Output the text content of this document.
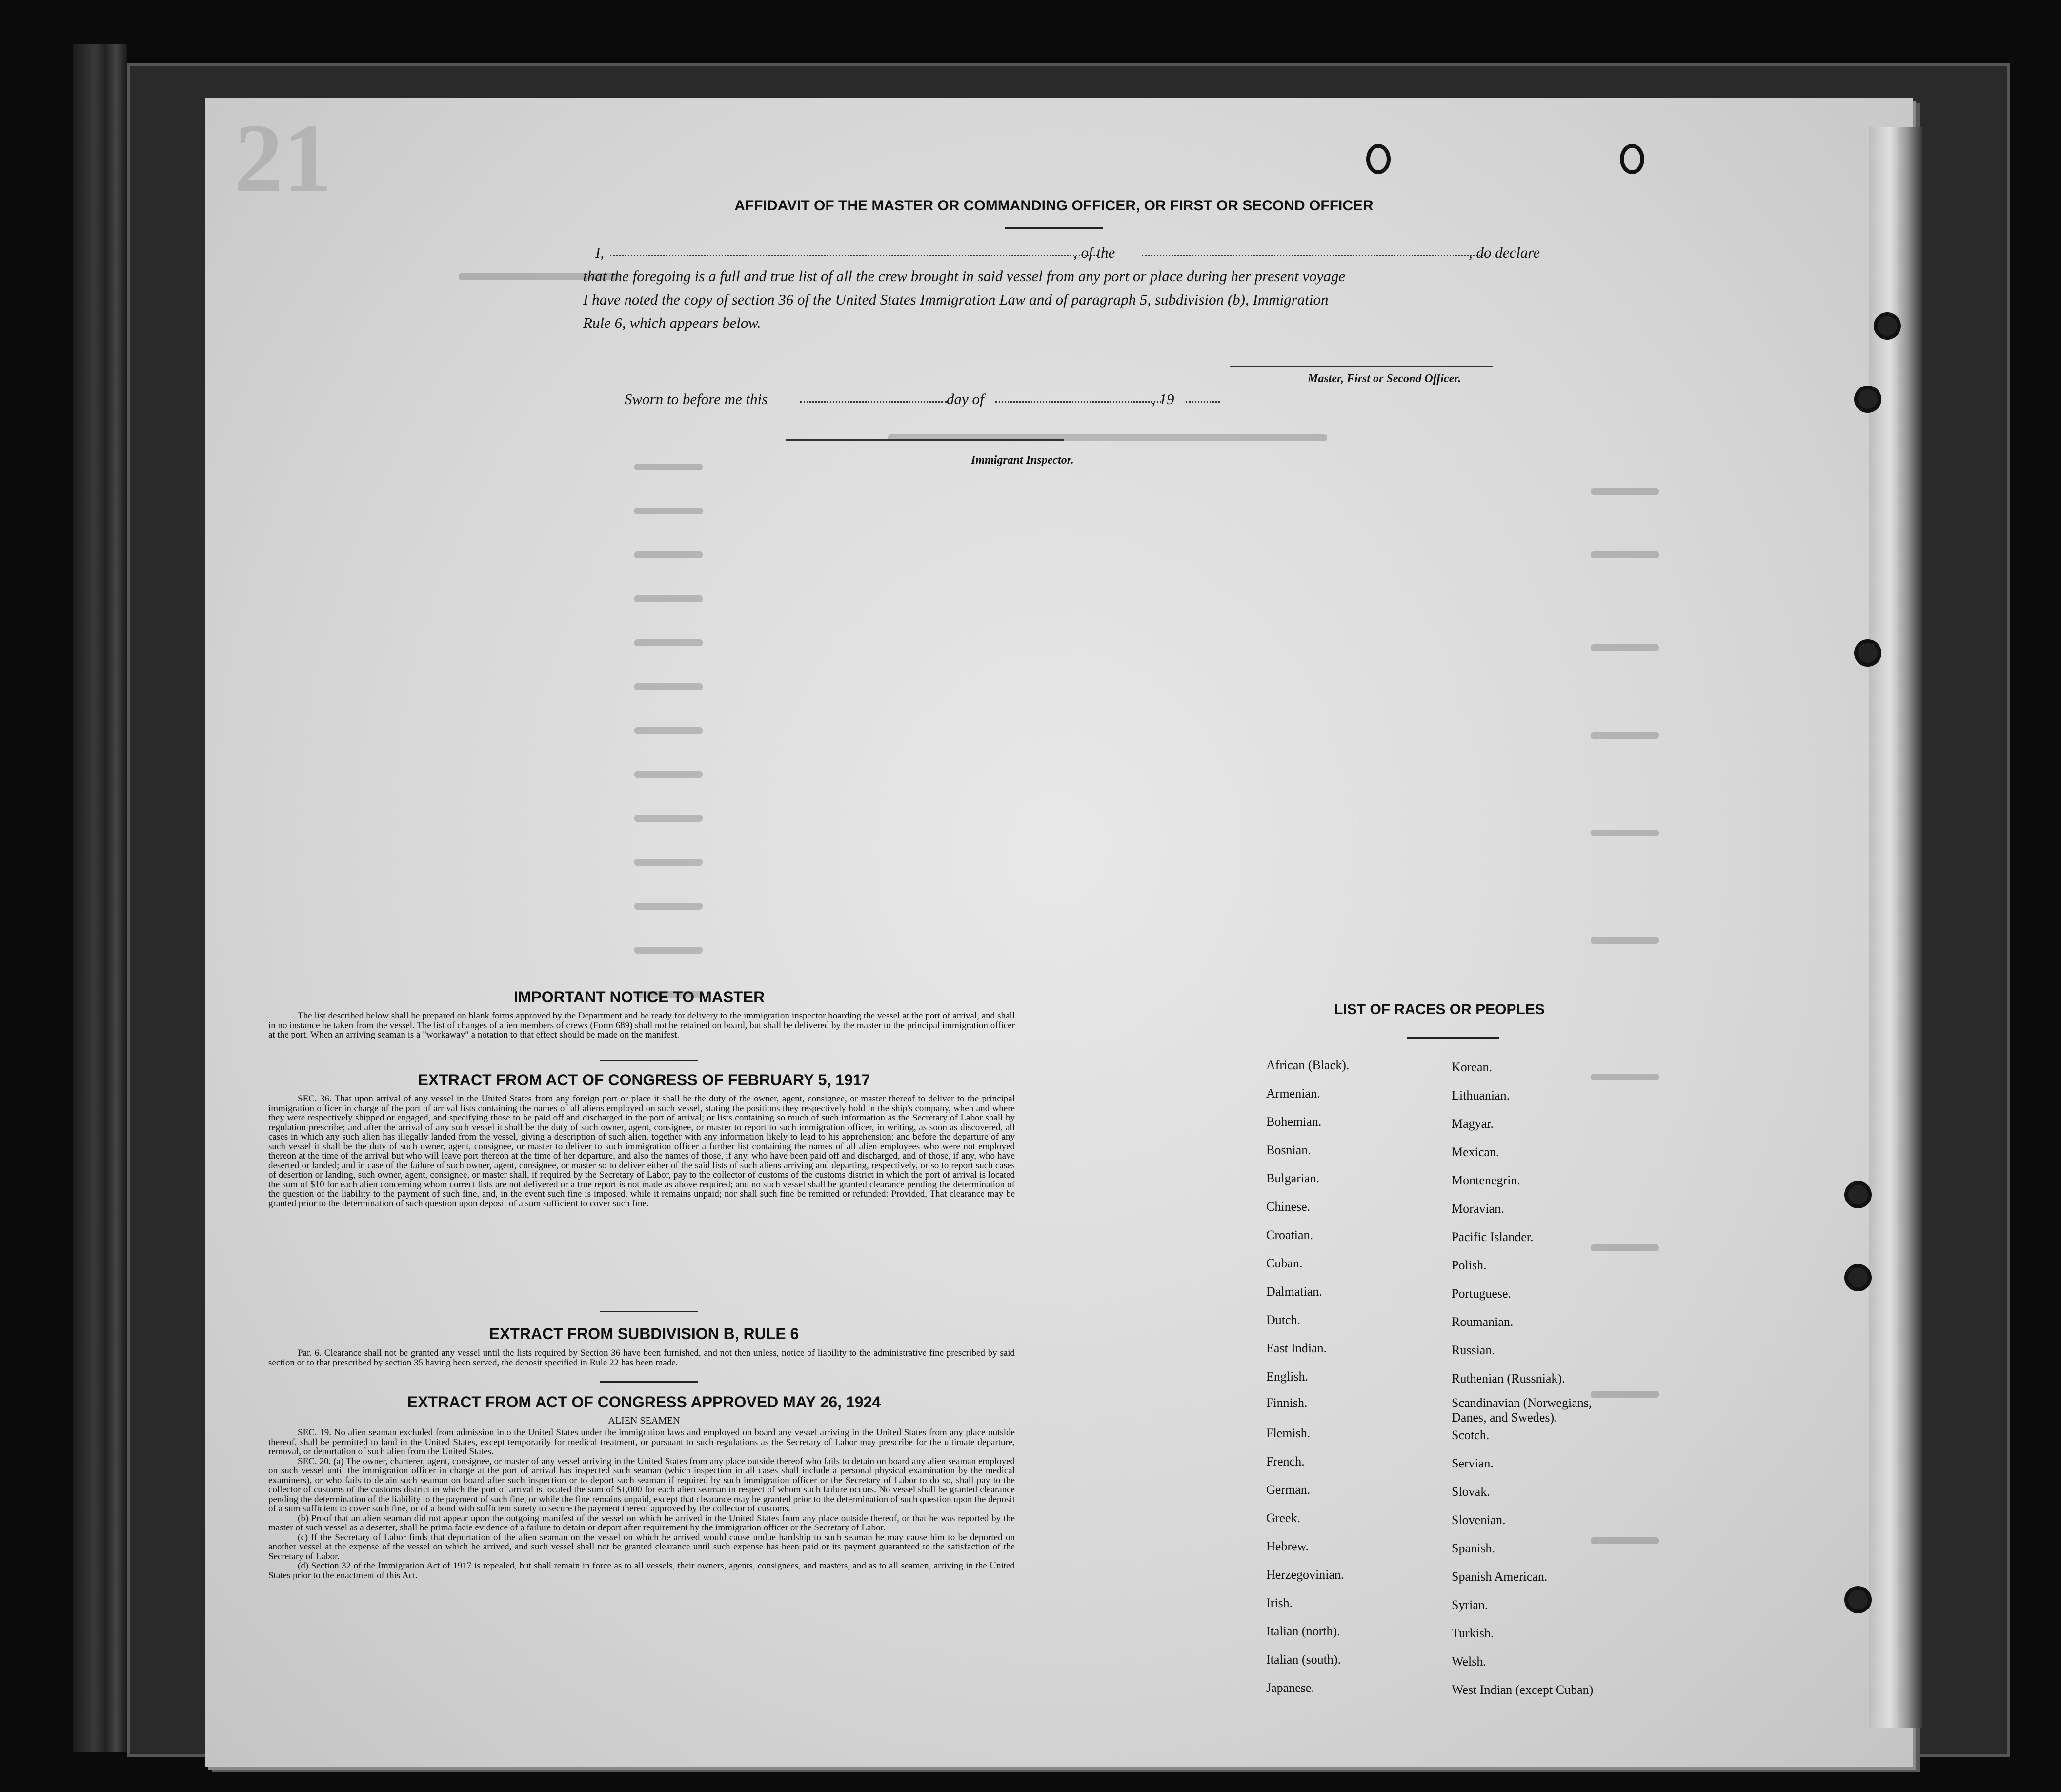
21	AFFIDAVIT OF THE MASTER OR COMMANDING OFFICER, OR FIRST OR SECOND OFFICER
I,	, of the	, do declare
that the foregoing is a full and true list of all the crew brought in said vessel from any port or place during her present voyage
I have noted the copy of section 36 of the United States Immigration Law and of paragraph 5, subdivision (b), Immigration
Rule 6, which appears below.
Master, First or Second Officer.
Sworn to before me this	day of	, 19
Immigrant Inspector.
IMPORTANT NOTICE TO MASTER

The list described below shall be prepared on blank forms approved by the Department and be ready for delivery to the immigration inspector boarding the vessel at the port of arrival, and shall in no instance be taken from the vessel. The list of changes of alien members of crews (Form 689) shall not be retained on board, but shall be delivered by the master to the principal immigration officer at the port. When an arriving seaman is a "workaway" a notation to that effect should be made on the manifest.

EXTRACT FROM ACT OF CONGRESS OF FEBRUARY 5, 1917

SEC. 36. That upon arrival of any vessel in the United States from any foreign port or place it shall be the duty of the owner, agent, consignee, or master thereof to deliver to the principal immigration officer in charge of the port of arrival lists containing the names of all aliens employed on such vessel, stating the positions they respectively hold in the ship's company, when and where they were respectively shipped or engaged, and specifying those to be paid off and discharged in the port of arrival; or lists containing so much of such information as the Secretary of Labor shall by regulation prescribe; and after the arrival of any such vessel it shall be the duty of such owner, agent, consignee, or master to report to such immigration officer, in writing, as soon as discovered, all cases in which any such alien has illegally landed from the vessel, giving a description of such alien, together with any information likely to lead to his apprehension; and before the departure of any such vessel it shall be the duty of such owner, agent, consignee, or master to deliver to such immigration officer a further list containing the names of all alien employees who were not employed thereon at the time of the arrival but who will leave port thereon at the time of her departure, and also the names of those, if any, who have been paid off and discharged, and of those, if any, who have deserted or landed; and in case of the failure of such owner, agent, consignee, or master so to deliver either of the said lists of such aliens arriving and departing, respectively, or so to report such cases of desertion or landing, such owner, agent, consignee, or master shall, if required by the Secretary of Labor, pay to the collector of customs of the customs district in which the port of arrival is located the sum of $10 for each alien concerning whom correct lists are not delivered or a true report is not made as above required; and no such vessel shall be granted clearance pending the determination of the question of the liability to the payment of such fine, and, in the event such fine is imposed, while it remains unpaid; nor shall such fine be remitted or refunded: Provided, That clearance may be granted prior to the determination of such question upon deposit of a sum sufficient to cover such fine.

EXTRACT FROM SUBDIVISION B, RULE 6

Par. 6. Clearance shall not be granted any vessel until the lists required by Section 36 have been furnished, and not then unless, notice of liability to the administrative fine prescribed by said section or to that prescribed by section 35 having been served, the deposit specified in Rule 22 has been made.

EXTRACT FROM ACT OF CONGRESS APPROVED MAY 26, 1924
ALIEN SEAMEN

SEC. 19. No alien seaman excluded from admission into the United States under the immigration laws and employed on board any vessel arriving in the United States from any place outside thereof, shall be permitted to land in the United States, except temporarily for medical treatment, or pursuant to such regulations as the Secretary of Labor may prescribe for the ultimate departure, removal, or deportation of such alien from the United States.

SEC. 20. (a) The owner, charterer, agent, consignee, or master of any vessel arriving in the United States from any place outside thereof who fails to detain on board any alien seaman employed on such vessel until the immigration officer in charge at the port of arrival has inspected such seaman (which inspection in all cases shall include a personal physical examination by the medical examiners), or who fails to detain such seaman on board after such inspection or to deport such seaman if required by such immigration officer or the Secretary of Labor to do so, shall pay to the collector of customs of the customs district in which the port of arrival is located the sum of $1,000 for each alien seaman in respect of whom such failure occurs. No vessel shall be granted clearance pending the determination of the liability to the payment of such fine, or while the fine remains unpaid, except that clearance may be granted prior to the determination of such question upon the deposit of a sum sufficient to cover such fine, or of a bond with sufficient surety to secure the payment thereof approved by the collector of customs.

(b) Proof that an alien seaman did not appear upon the outgoing manifest of the vessel on which he arrived in the United States from any place outside thereof, or that he was reported by the master of such vessel as a deserter, shall be prima facie evidence of a failure to detain or deport after requirement by the immigration officer or the Secretary of Labor.

(c) If the Secretary of Labor finds that deportation of the alien seaman on the vessel on which he arrived would cause undue hardship to such seaman he may cause him to be deported on another vessel at the expense of the vessel on which he arrived, and such vessel shall not be granted clearance until such expense has been paid or its payment guaranteed to the satisfaction of the Secretary of Labor.

(d) Section 32 of the Immigration Act of 1917 is repealed, but shall remain in force as to all vessels, their owners, agents, consignees, and masters, and as to all seamen, arriving in the United States prior to the enactment of this Act.

LIST OF RACES OR PEOPLES
African (Black).
Armenian.
Bohemian.
Bosnian.
Bulgarian.
Chinese.
Croatian.
Cuban.
Dalmatian.
Dutch.
East Indian.
English.
Finnish.
Flemish.
French.
German.
Greek.
Hebrew.
Herzegovinian.
Irish.
Italian (north).
Italian (south).
Japanese.
Korean.
Lithuanian.
Magyar.
Mexican.
Montenegrin.
Moravian.
Pacific Islander.
Polish.
Portuguese.
Roumanian.
Russian.
Ruthenian (Russniak).
Scandinavian (Norwegians, Danes, and Swedes).
Scotch.
Servian.
Slovak.
Slovenian.
Spanish.
Spanish American.
Syrian.
Turkish.
Welsh.
West Indian (except Cuban)
